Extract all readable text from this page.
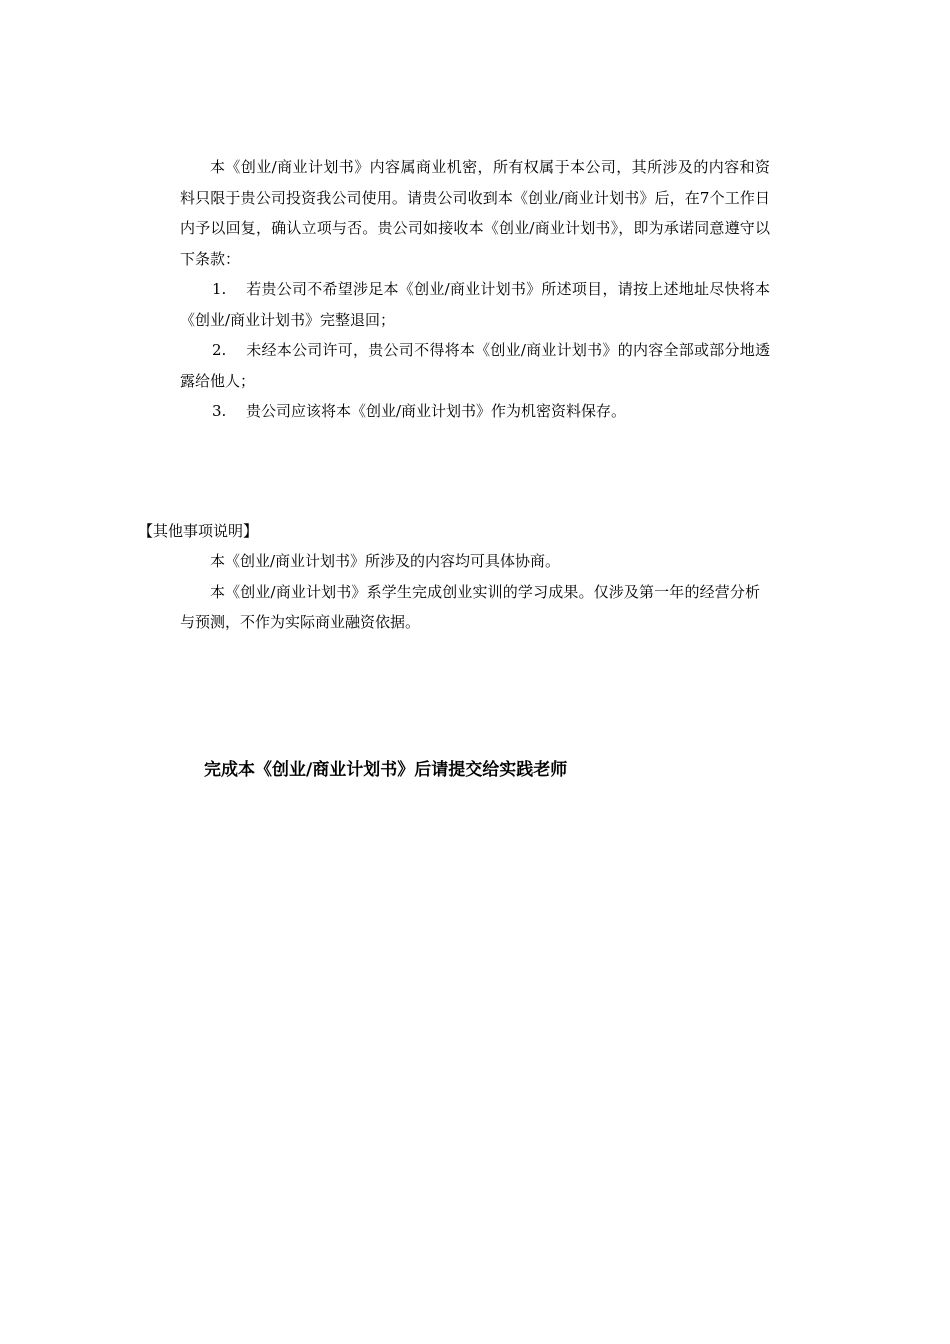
本《创业/商业计划书》内容属商业机密，所有权属于本公司，其所涉及的内容和资料只限于贵公司投资我公司使用。请贵公司收到本《创业/商业计划书》后，在7个工作日内予以回复，确认立项与否。贵公司如接收本《创业/商业计划书》，即为承诺同意遵守以下条款：

1. 若贵公司不希望涉足本《创业/商业计划书》所述项目，请按上述地址尽快将本《创业/商业计划书》完整退回；

2. 未经本公司许可，贵公司不得将本《创业/商业计划书》的内容全部或部分地透露给他人；

3. 贵公司应该将本《创业/商业计划书》作为机密资料保存。

【其他事项说明】

本《创业/商业计划书》所涉及的内容均可具体协商。

本《创业/商业计划书》系学生完成创业实训的学习成果。仅涉及第一年的经营分析与预测，不作为实际商业融资依据。

完成本《创业/商业计划书》后请提交给实践老师
